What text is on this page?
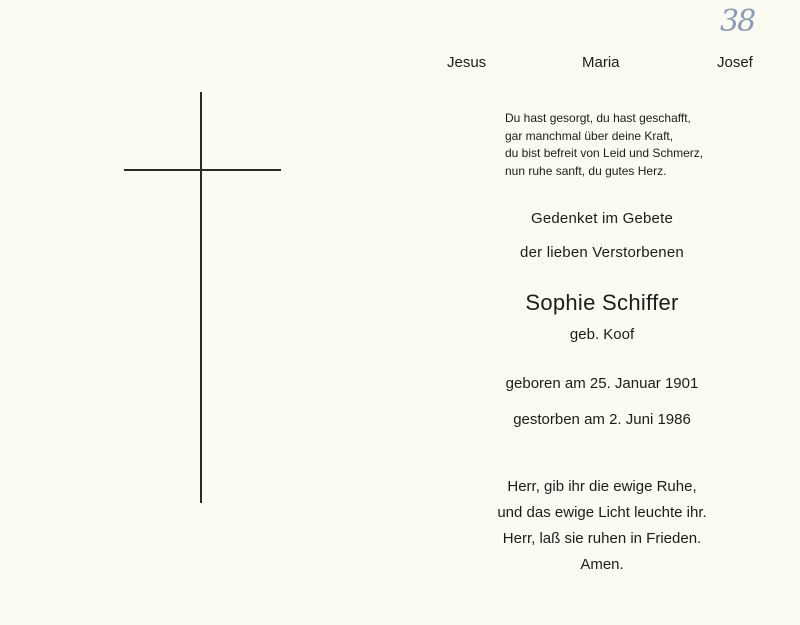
38
Jesus	Maria	Josef
Du hast gesorgt, du hast geschafft,
gar manchmal über deine Kraft,
du bist befreit von Leid und Schmerz,
nun ruhe sanft, du gutes Herz.
Gedenket im Gebete
der lieben Verstorbenen
Sophie Schiffer
geb. Koof
geboren am 25. Januar 1901
gestorben am 2. Juni 1986
Herr, gib ihr die ewige Ruhe,
und das ewige Licht leuchte ihr.
Herr, laß sie ruhen in Frieden.
Amen.
